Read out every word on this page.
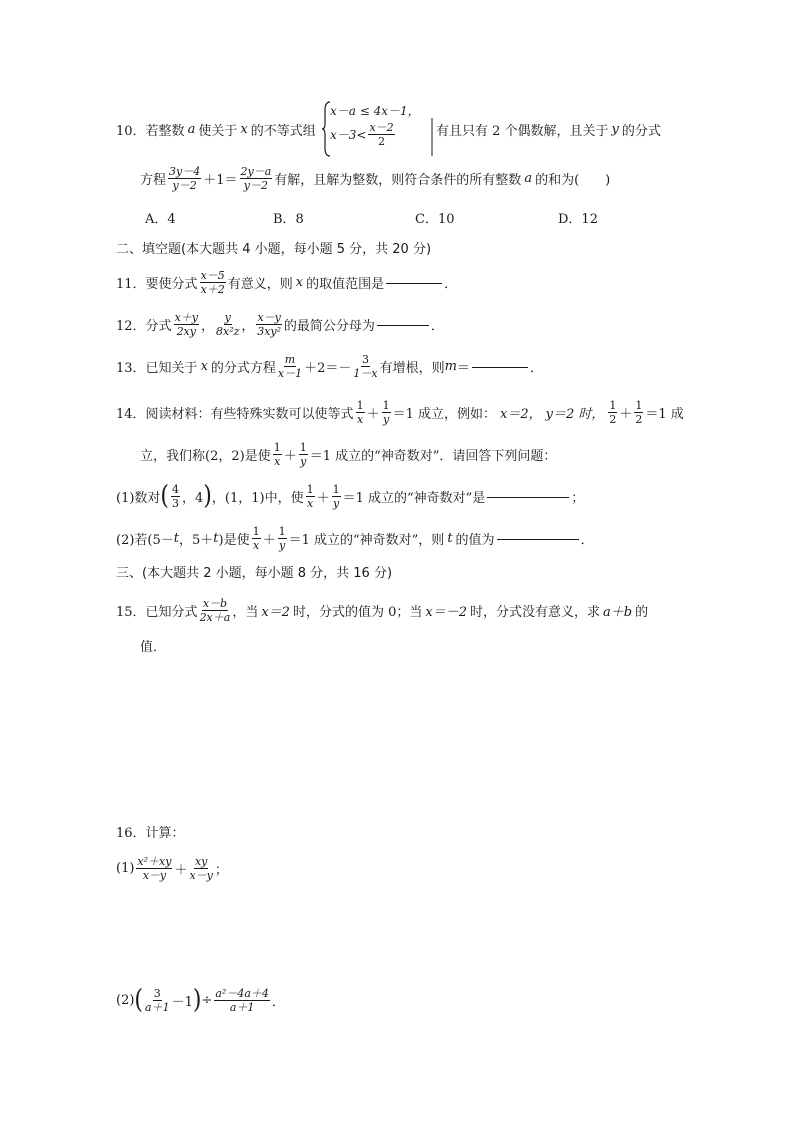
10． 若整数 a 使关于 x 的不等式组
x－a ≤ 4x－1，
$x-3< \frac{x-2}{2}$	有且只有 2 个偶数解，且关于 y 的分式
方程 $\frac{3y-4}{y-2} +1= \frac{2y-a}{y-2}$ 有解，且解为整数，则符合条件的所有整数 a 的和为(　　)
A．4	B．8	C．10	D．12
二、填空题(本大题共 4 小题，每小题 5 分，共 20 分)
11． 要使分式 $\frac{x-5}{x+2}$ 有意义，则 x 的取值范围是	．
12． 分式 $\frac{x+y}{2xy}$ ， $\frac{y}{\text{8x²z}}$ ， $\frac{x-y}{\text{3xy²}}$ 的最简公分母为	．
13． 已知关于 x 的分式方程 $\frac{m}{x-1} +2=- \frac{3}{1-x}$ 有增根，则 m ＝	．
14． 阅读材料：有些特殊实数可以使等式 $\frac{1}{x} + \frac{1}{y} =1$ 成立，例如： x＝2， y＝2 时， $\frac{1}{2} + \frac{1}{2} =1$ 成
立，我们称(2，2)是使 $\frac{1}{x} + \frac{1}{y} =1$ 成立的“神奇数对”．请回答下列问题：
(1)数对 ( $\frac{4}{3}$ ，4 ) ，(1，1)中，使 $\frac{1}{x} + \frac{1}{y} =1$ 成立的“神奇数对”是	；
(2)若(5－ t ，5＋ t )是使 $\frac{1}{x} + \frac{1}{y} =1$ 成立的“神奇数对”，则 t 的值为	．
三、(本大题共 2 小题，每小题 8 分，共 16 分)
15． 已知分式 $\frac{x-b}{2x+a}$ ，当 x＝2 时，分式的值为 0；当 x＝－2 时，分式没有意义，求 a＋b 的
值．
16． 计算：
$(1) \frac{\text{x²＋xy}}{x-y} + \frac{xy}{x-y}$ ；
(2) ( $\frac{3}{a+1} -1$ ) ÷ $\frac{\text{a²－4a＋4}}{a+1}$ ．
